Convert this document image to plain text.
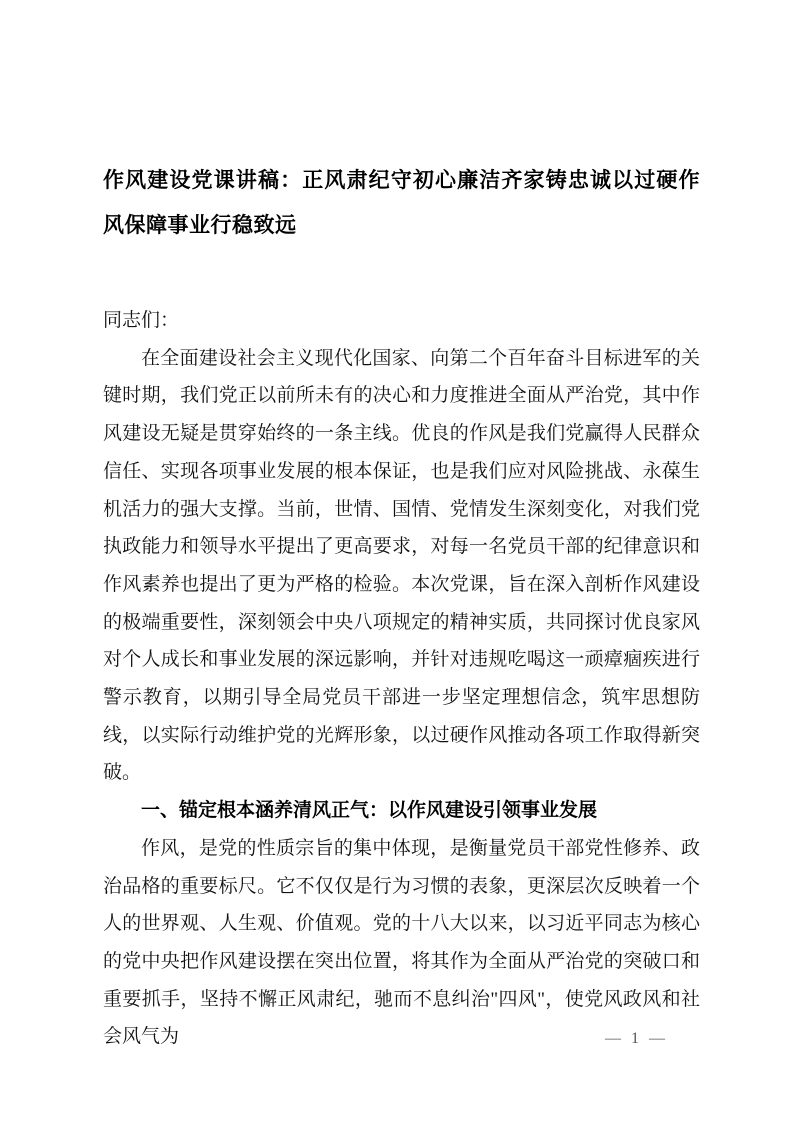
作风建设党课讲稿：正风肃纪守初心廉洁齐家铸忠诚以过硬作风保障事业行稳致远

同志们：

在全面建设社会主义现代化国家、向第二个百年奋斗目标进军的关键时期，我们党正以前所未有的决心和力度推进全面从严治党，其中作风建设无疑是贯穿始终的一条主线。优良的作风是我们党赢得人民群众信任、实现各项事业发展的根本保证，也是我们应对风险挑战、永葆生机活力的强大支撑。当前，世情、国情、党情发生深刻变化，对我们党执政能力和领导水平提出了更高要求，对每一名党员干部的纪律意识和作风素养也提出了更为严格的检验。本次党课，旨在深入剖析作风建设的极端重要性，深刻领会中央八项规定的精神实质，共同探讨优良家风对个人成长和事业发展的深远影响，并针对违规吃喝这一顽瘴痼疾进行警示教育，以期引导全局党员干部进一步坚定理想信念，筑牢思想防线，以实际行动维护党的光辉形象，以过硬作风推动各项工作取得新突破。

一、锚定根本涵养清风正气：以作风建设引领事业发展

作风，是党的性质宗旨的集中体现，是衡量党员干部党性修养、政治品格的重要标尺。它不仅仅是行为习惯的表象，更深层次反映着一个人的世界观、人生观、价值观。党的十八大以来，以习近平同志为核心的党中央把作风建设摆在突出位置，将其作为全面从严治党的突破口和重要抓手，坚持不懈正风肃纪，驰而不息纠治"四风"，使党风政风和社会风气为	— 1 —
